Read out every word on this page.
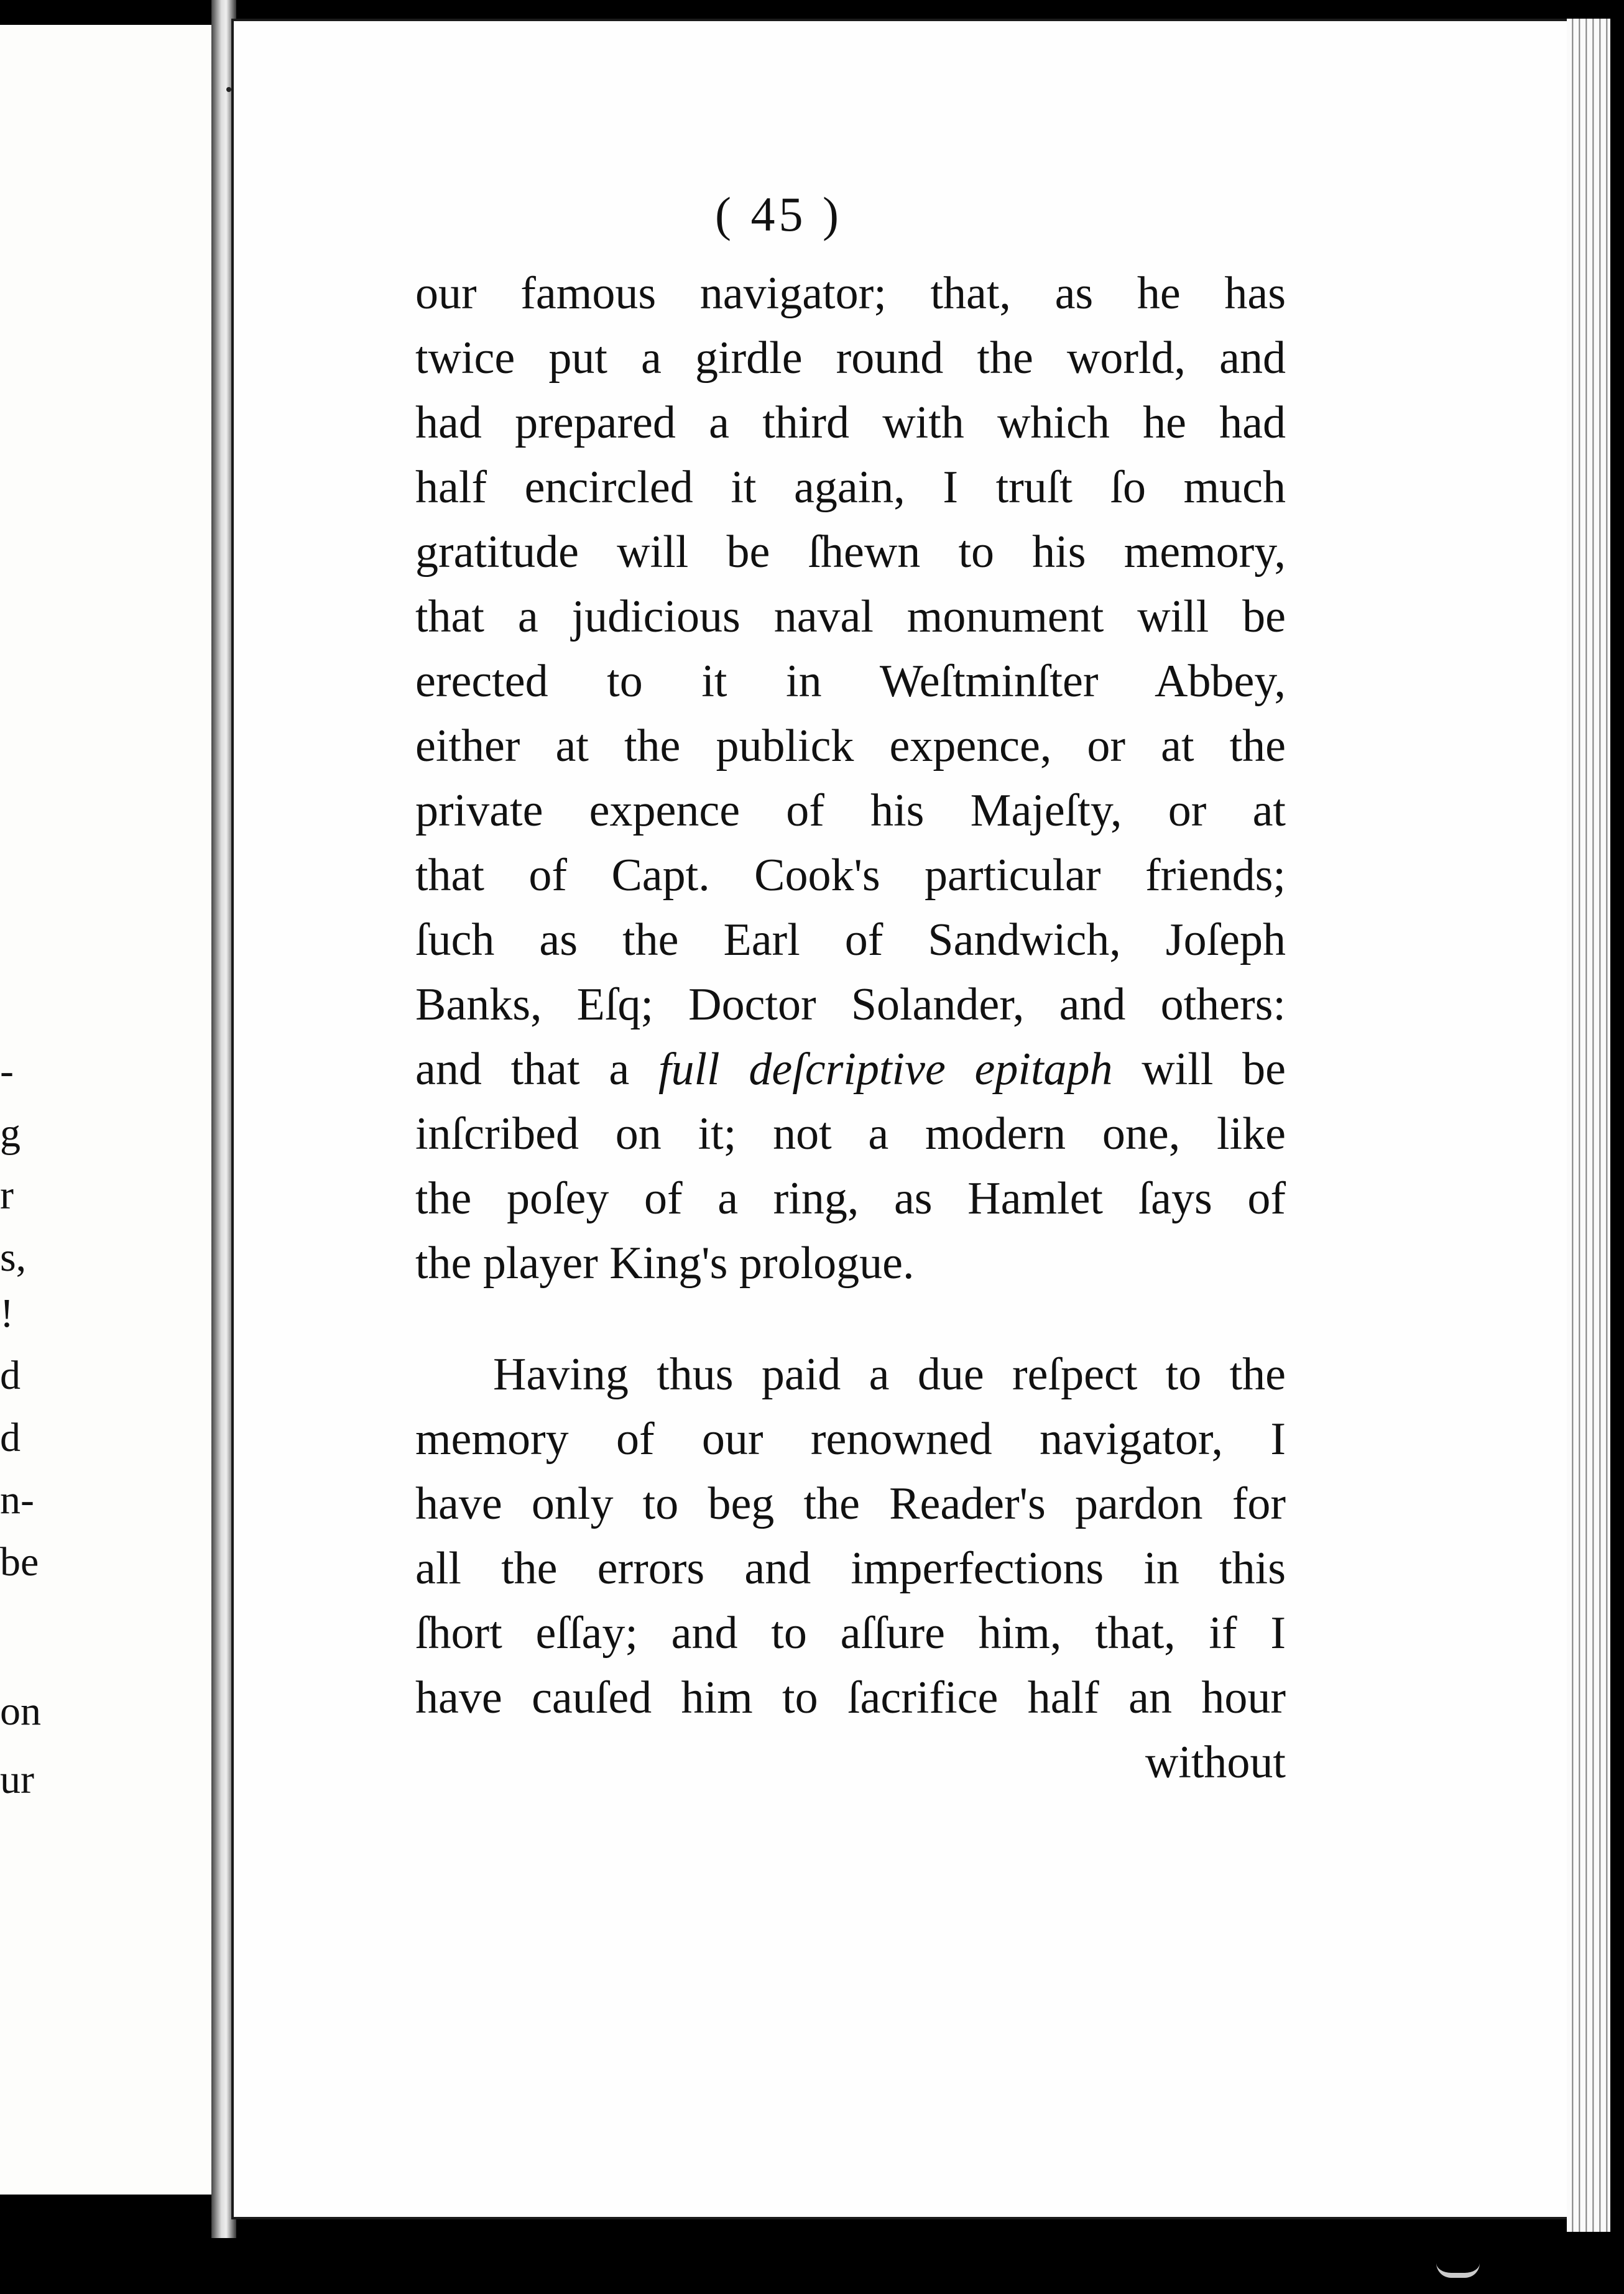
-
g
r
s,
!
d
d
n-
be
on
ur
( 45 )
our famous navigator; that, as he has
twice put a girdle round the world, and
had prepared a third with which he had
half encircled it again, I truſt ſo much
gratitude will be ſhewn to his memory,
that a judicious naval monument will be
erected to it in Weſtminſter Abbey,
either at the publick expence, or at the
private expence of his Majeſty, or at
that of Capt. Cook's particular friends;
ſuch as the Earl of Sandwich, Joſeph
Banks, Eſq; Doctor Solander, and others:
and that a full deſcriptive epitaph will be
inſcribed on it; not a modern one, like
the poſey of a ring, as Hamlet ſays of
the player King's prologue.
Having thus paid a due reſpect to the
memory of our renowned navigator, I
have only to beg the Reader's pardon for
all the errors and imperfections in this
ſhort eſſay; and to aſſure him, that, if I
have cauſed him to ſacrifice half an hour
without
